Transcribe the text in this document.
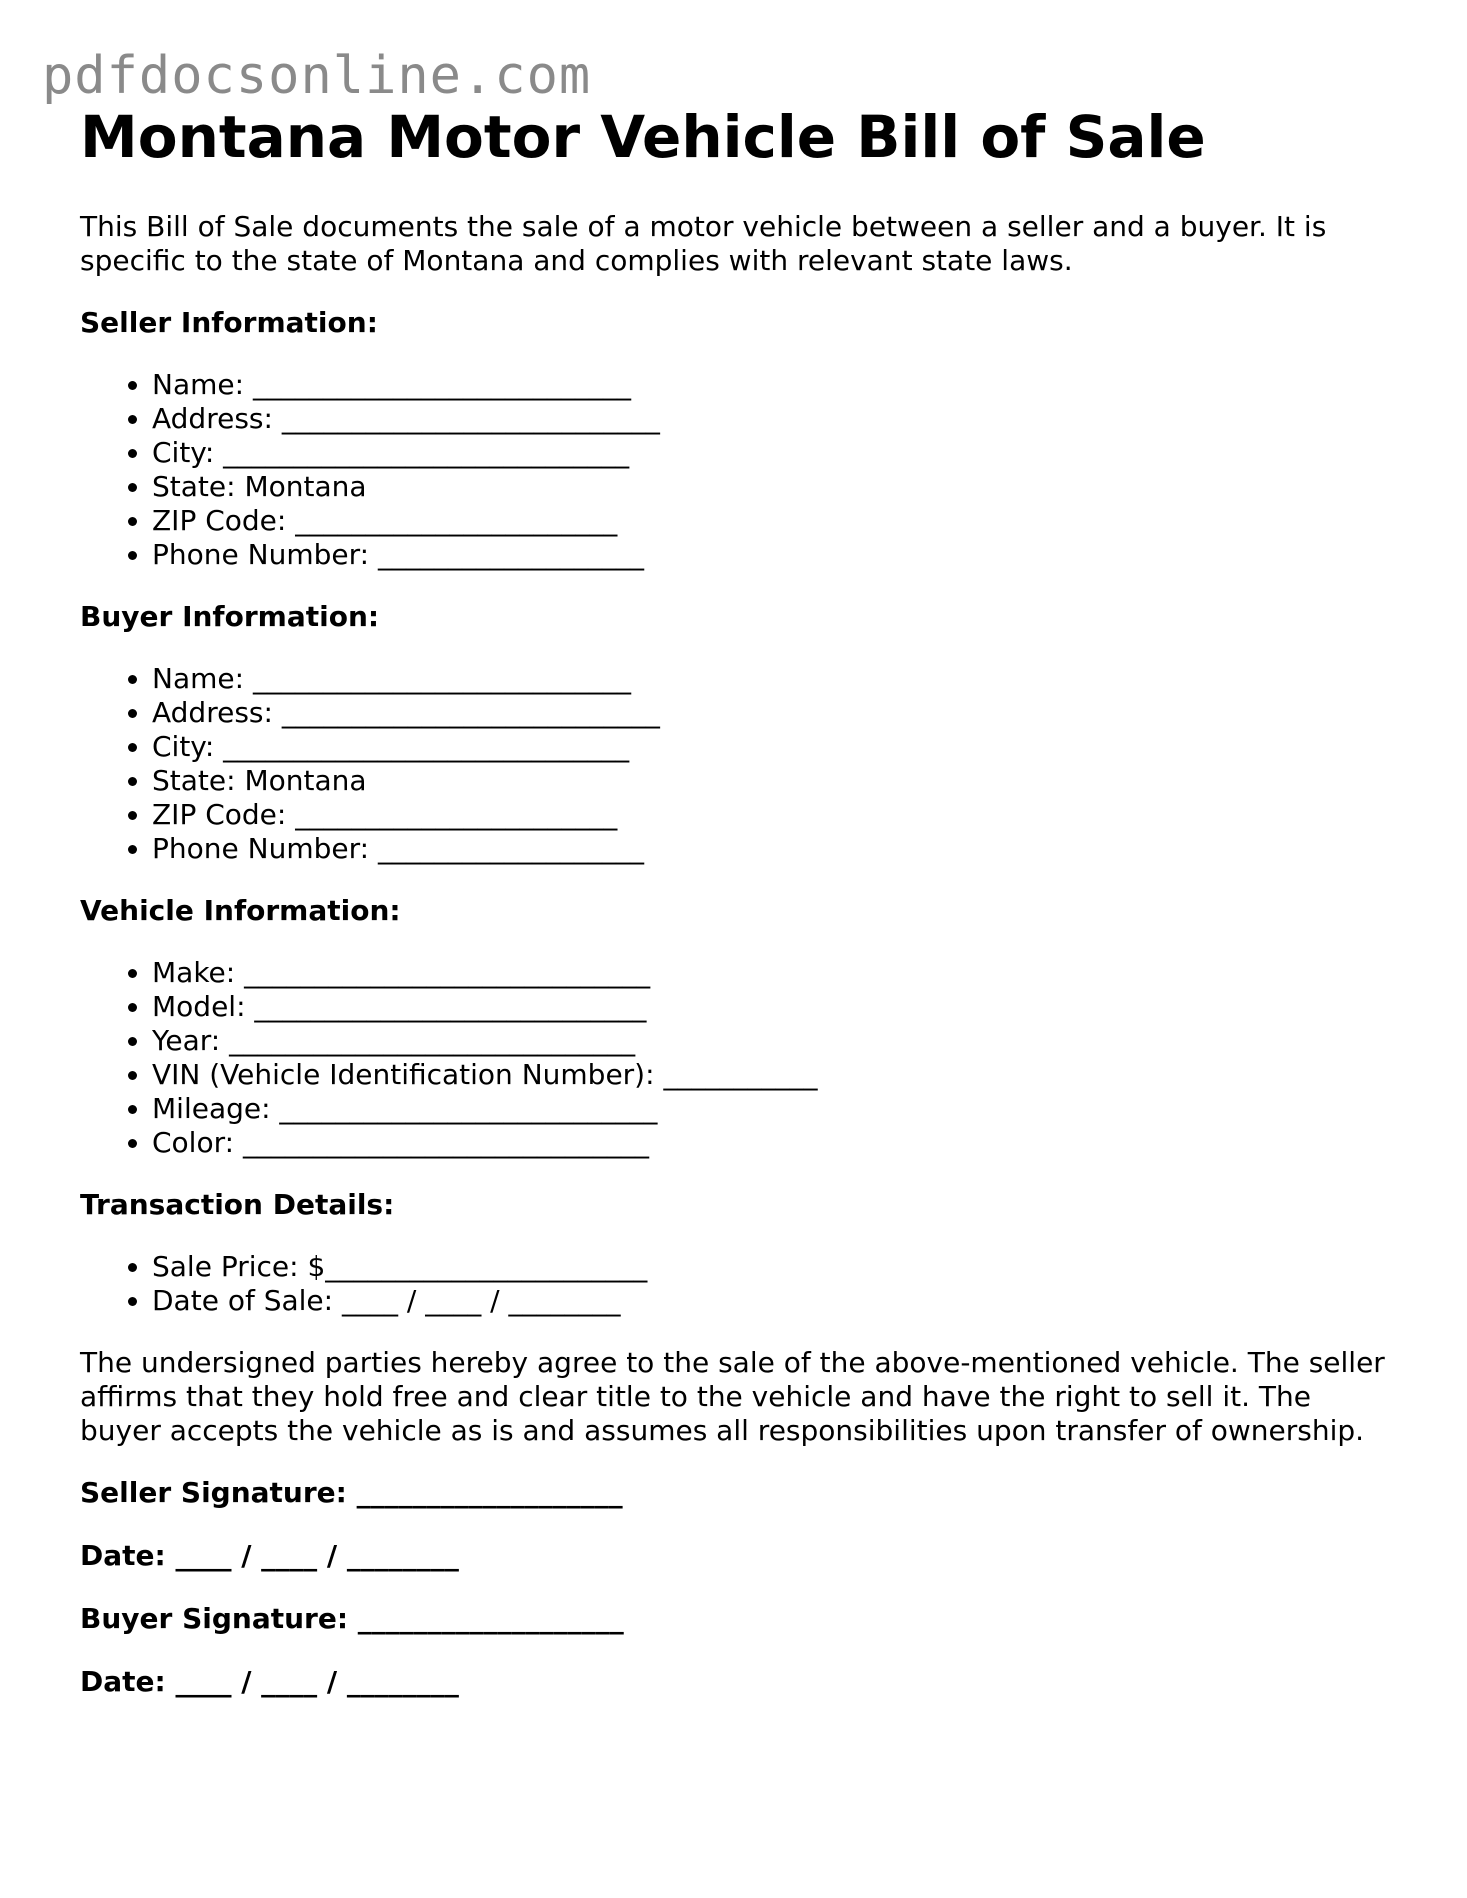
pdfdocsonline.com
Montana Motor Vehicle Bill of Sale

This Bill of Sale documents the sale of a motor vehicle between a seller and a buyer. It is specific to the state of Montana and complies with relevant state laws.

Seller Information:

• Name: ___________________________
• Address: ___________________________
• City: _____________________________
• State: Montana
• ZIP Code: _______________________
• Phone Number: ___________________

Buyer Information:

• Name: ___________________________
• Address: ___________________________
• City: _____________________________
• State: Montana
• ZIP Code: _______________________
• Phone Number: ___________________

Vehicle Information:

• Make: _____________________________
• Model: ____________________________
• Year: _____________________________
• VIN (Vehicle Identification Number): ___________
• Mileage: ___________________________
• Color: _____________________________

Transaction Details:

• Sale Price: $_______________________
• Date of Sale: ____ / ____ / ________

The undersigned parties hereby agree to the sale of the above-mentioned vehicle. The seller affirms that they hold free and clear title to the vehicle and have the right to sell it. The buyer accepts the vehicle as is and assumes all responsibilities upon transfer of ownership.

Seller Signature: ___________________

Date: ____ / ____ / ________

Buyer Signature: ___________________

Date: ____ / ____ / ________
